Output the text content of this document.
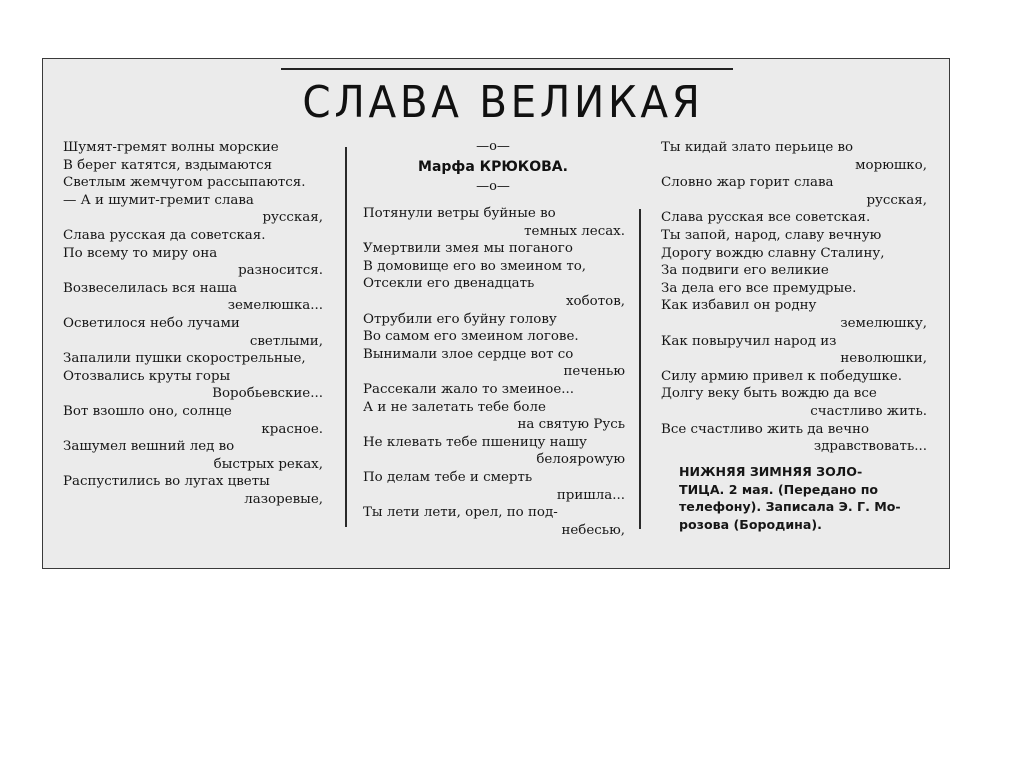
СЛАВА ВЕЛИКАЯ
Шумят-гремят волны морские
В берег катятся, вздымаются
Светлым жемчугом рассыпаются.
— А и шумит-гремит слава
русская,
Слава русская да советская.
По всему то миру она
разносится.
Возвеселилась вся наша
земелюшка...
Осветилося небо лучами
светлыми,
Запалили пушки скорострельные,
Отозвались круты горы
Воробьевские...
Вот взошло оно, солнце
красное.
Зашумел вешний лед во
быстрых реках,
Распустились во лугах цветы
лазоревые,
—о—
Марфа КРЮКОВА.
—о—
Потянули ветры буйные во
темных лесах.
Умертвили змея мы поганого
В домовище его во змеином то,
Отсекли его двенадцать
хоботов,
Отрубили его буйну голову
Во самом его змеином логове.
Вынимали злое сердце вот со
печенью
Рассекали жало то змеиное...
А и не залетать тебе боле
на святую Русь
Не клевать тебе пшеницу нашу
белоярowую
По делам тебе и смерть
пришла...
Ты лети лети, орел, по под-
небесью,
Ты кидай злато перьице во
морюшко,
Словно жар горит слава
русская,
Слава русская все советская.
Ты запой, народ, славу вечную
Дорогу вождю славну Сталину,
За подвиги его великие
За дела его все премудрые.
Как избавил он родну
земелюшку,
Как повыручил народ из
неволюшки,
Силу армию привел к победушке.
Долгу веку быть вождю да все
счастливо жить.
Все счастливо жить да вечно
здравствовать...
НИЖНЯЯ ЗИМНЯЯ ЗОЛО-
ТИЦА. 2 мая. (Передано по
телефону). Записала Э. Г. Мо-
розова (Бородина).
